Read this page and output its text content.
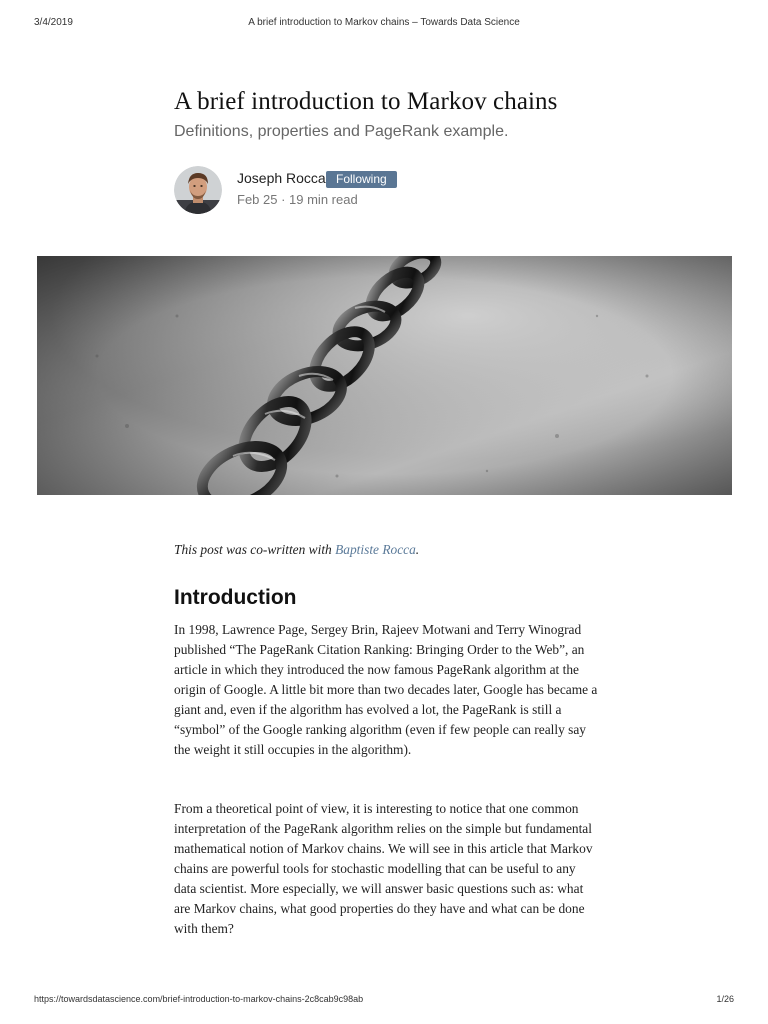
3/4/2019	A brief introduction to Markov chains – Towards Data Science
A brief introduction to Markov chains
Definitions, properties and PageRank example.
Joseph Rocca Following
Feb 25 · 19 min read

This post was co-written with Baptiste Rocca.

Introduction

In 1998, Lawrence Page, Sergey Brin, Rajeev Motwani and Terry Winograd published “The PageRank Citation Ranking: Bringing Order to the Web”, an article in which they introduced the now famous PageRank algorithm at the origin of Google. A little bit more than two decades later, Google has became a giant and, even if the algorithm has evolved a lot, the PageRank is still a “symbol” of the Google ranking algorithm (even if few people can really say the weight it still occupies in the algorithm).

From a theoretical point of view, it is interesting to notice that one common interpretation of the PageRank algorithm relies on the simple but fundamental mathematical notion of Markov chains. We will see in this article that Markov chains are powerful tools for stochastic modelling that can be useful to any data scientist. More especially, we will answer basic questions such as: what are Markov chains, what good properties do they have and what can be done with them?

https://towardsdatascience.com/brief-introduction-to-markov-chains-2c8cab9c98ab	1/26
